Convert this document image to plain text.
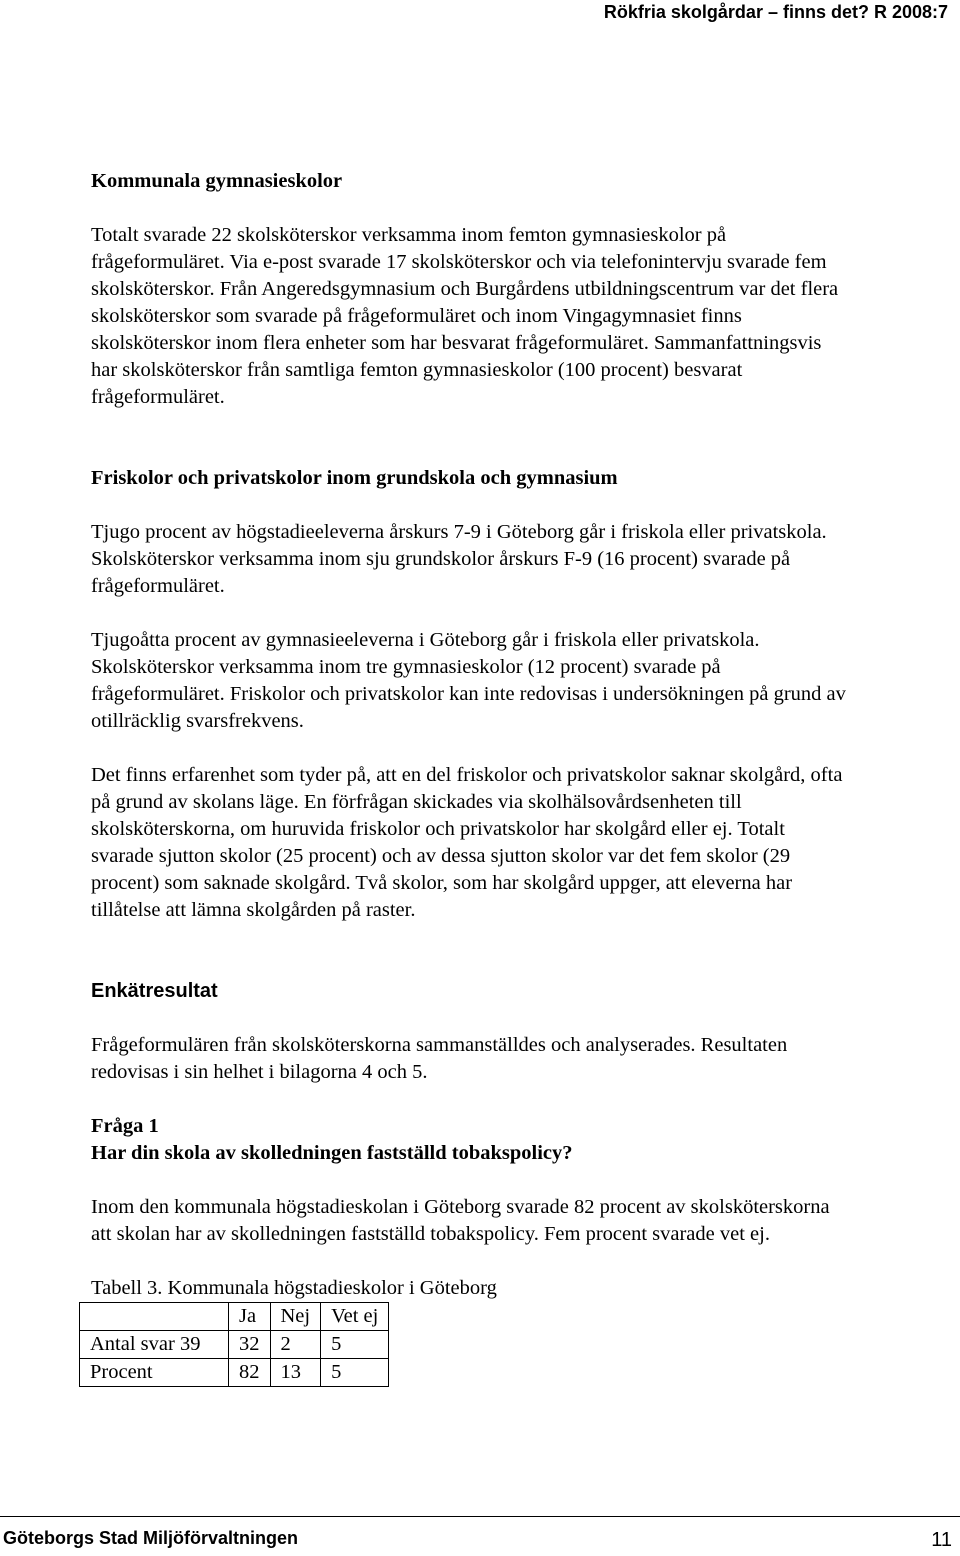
Rökfria skolgårdar – finns det? R 2008:7

Kommunala gymnasieskolor

Totalt svarade 22 skolsköterskor verksamma inom femton gymnasieskolor på frågeformuläret. Via e-post svarade 17 skolsköterskor och via telefonintervju svarade fem skolsköterskor. Från Angeredsgymnasium och Burgårdens utbildningscentrum var det flera skolsköterskor som svarade på frågeformuläret och inom Vingagymnasiet finns skolsköterskor inom flera enheter som har besvarat frågeformuläret. Sammanfattningsvis har skolsköterskor från samtliga femton gymnasieskolor (100 procent) besvarat frågeformuläret.

Friskolor och privatskolor inom grundskola och gymnasium

Tjugo procent av högstadieeleverna årskurs 7-9 i Göteborg går i friskola eller privatskola. Skolsköterskor verksamma inom sju grundskolor årskurs F-9 (16 procent) svarade på frågeformuläret.

Tjugoåtta procent av gymnasieeleverna i Göteborg går i friskola eller privatskola. Skolsköterskor verksamma inom tre gymnasieskolor (12 procent) svarade på frågeformuläret. Friskolor och privatskolor kan inte redovisas i undersökningen på grund av otillräcklig svarsfrekvens.

Det finns erfarenhet som tyder på, att en del friskolor och privatskolor saknar skolgård, ofta på grund av skolans läge. En förfrågan skickades via skolhälsovårdsenheten till skolsköterskorna, om huruvida friskolor och privatskolor har skolgård eller ej. Totalt svarade sjutton skolor (25 procent) och av dessa sjutton skolor var det fem skolor (29 procent) som saknade skolgård. Två skolor, som har skolgård uppger, att eleverna har tillåtelse att lämna skolgården på raster.

Enkätresultat

Frågeformulären från skolsköterskorna sammanställdes och analyserades. Resultaten redovisas i sin helhet i bilagorna 4 och 5.

Fråga 1

Har din skola av skolledningen fastställd tobakspolicy?

Inom den kommunala högstadieskolan i Göteborg svarade 82 procent av skolsköterskorna att skolan har av skolledningen fastställd tobakspolicy. Fem procent svarade vet ej.

Tabell 3. Kommunala högstadieskolor i Göteborg

	Ja	Nej	Vet ej
Antal svar 39	32	2	5
Procent	82	13	5
Göteborgs Stad Miljöförvaltningen	11
